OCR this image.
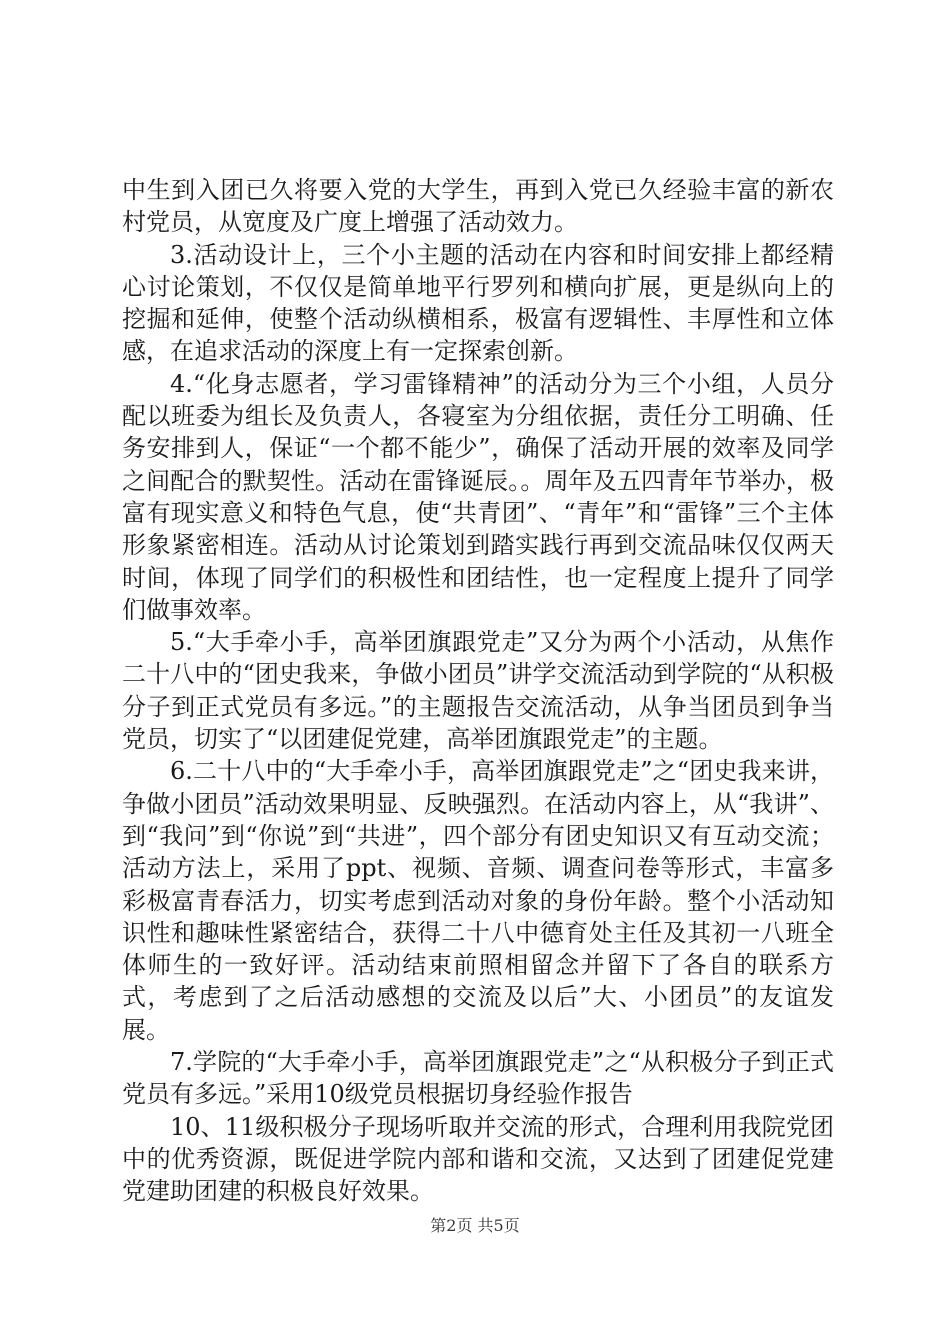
中生到入团已久将要入党的大学生，再到入党已久经验丰富的新农村党员，从宽度及广度上增强了活动效力。

3.活动设计上，三个小主题的活动在内容和时间安排上都经精心讨论策划，不仅仅是简单地平行罗列和横向扩展，更是纵向上的挖掘和延伸，使整个活动纵横相系，极富有逻辑性、丰厚性和立体感，在追求活动的深度上有一定探索创新。

4.“化身志愿者，学习雷锋精神”的活动分为三个小组，人员分配以班委为组长及负责人，各寝室为分组依据，责任分工明确、任务安排到人，保证“一个都不能少”，确保了活动开展的效率及同学之间配合的默契性。活动在雷锋诞辰。。周年及五四青年节举办，极富有现实意义和特色气息，使“共青团”、“青年”和“雷锋”三个主体形象紧密相连。活动从讨论策划到踏实践行再到交流品味仅仅两天时间，体现了同学们的积极性和团结性，也一定程度上提升了同学们做事效率。

5.“大手牵小手，高举团旗跟党走”又分为两个小活动，从焦作二十八中的“团史我来，争做小团员”讲学交流活动到学院的“从积极分子到正式党员有多远。”的主题报告交流活动，从争当团员到争当党员，切实了“以团建促党建，高举团旗跟党走”的主题。

6.二十八中的“大手牵小手，高举团旗跟党走”之“团史我来讲，争做小团员”活动效果明显、反映强烈。在活动内容上，从“我讲”、到“我问”到“你说”到“共进”，四个部分有团史知识又有互动交流；活动方法上，采用了ppt、视频、音频、调查问卷等形式，丰富多彩极富青春活力，切实考虑到活动对象的身份年龄。整个小活动知识性和趣味性紧密结合，获得二十八中德育处主任及其初一八班全体师生的一致好评。活动结束前照相留念并留下了各自的联系方式，考虑到了之后活动感想的交流及以后”大、小团员”的友谊发展。

7.学院的“大手牵小手，高举团旗跟党走”之“从积极分子到正式党员有多远。”采用10级党员根据切身经验作报告

10、11级积极分子现场听取并交流的形式，合理利用我院党团中的优秀资源，既促进学院内部和谐和交流，又达到了团建促党建党建助团建的积极良好效果。

第2页 共5页
